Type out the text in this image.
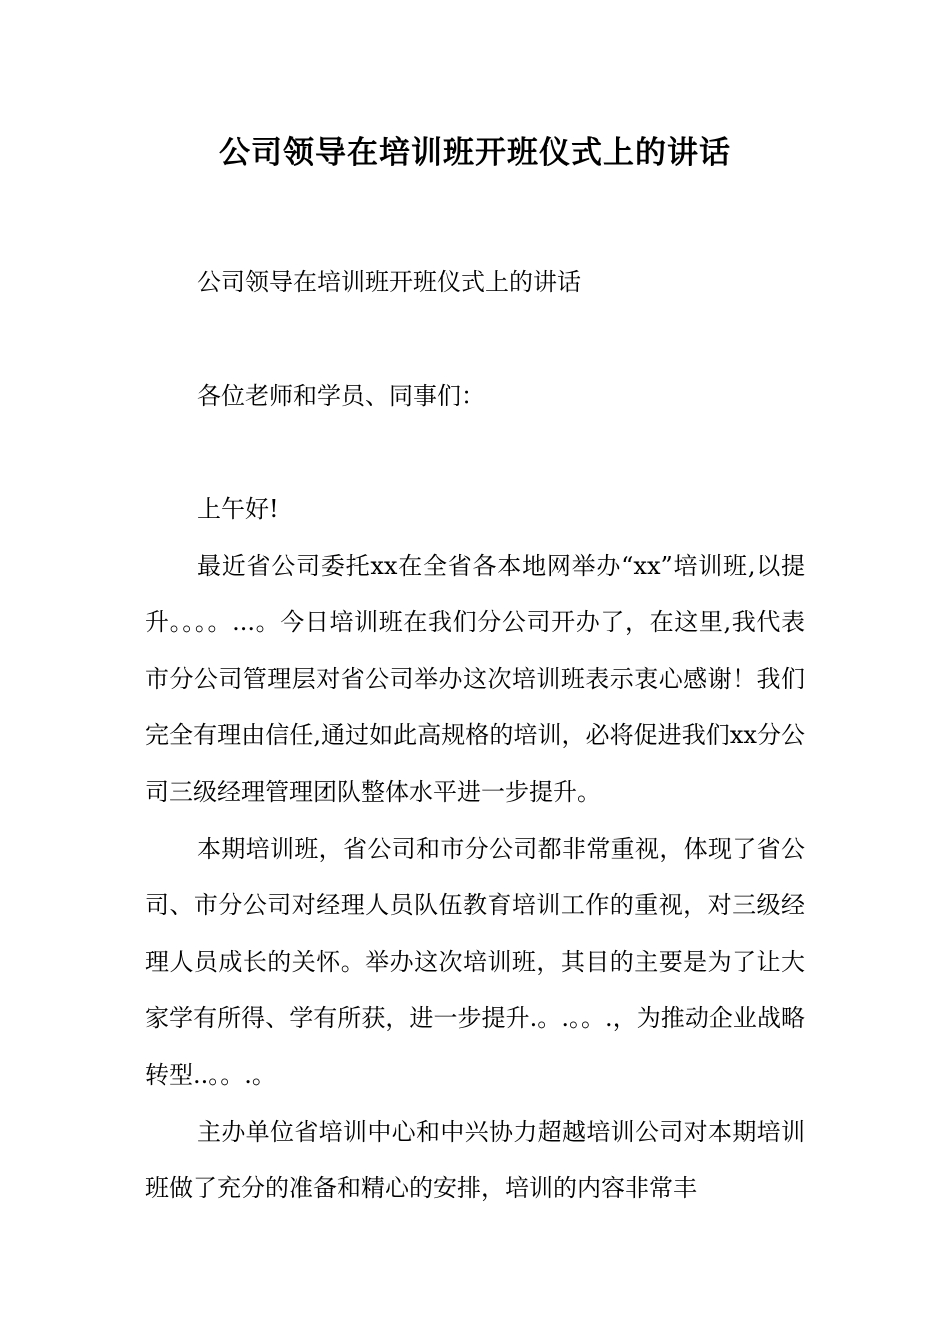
公司领导在培训班开班仪式上的讲话

公司领导在培训班开班仪式上的讲话

各位老师和学员、同事们：

上午好!

最近省公司委托xx在全省各本地网举办“xx”培训班,以提升。。。。...。今日培训班在我们分公司开办了，在这里,我代表市分公司管理层对省公司举办这次培训班表示衷心感谢！我们完全有理由信任,通过如此高规格的培训，必将促进我们xx分公司三级经理管理团队整体水平进一步提升。

本期培训班，省公司和市分公司都非常重视，体现了省公司、市分公司对经理人员队伍教育培训工作的重视，对三级经理人员成长的关怀。举办这次培训班，其目的主要是为了让大家学有所得、学有所获，进一步提升.。.。。.，为推动企业战略转型..。。.。

主办单位省培训中心和中兴协力超越培训公司对本期培训班做了充分的准备和精心的安排，培训的内容非常丰
